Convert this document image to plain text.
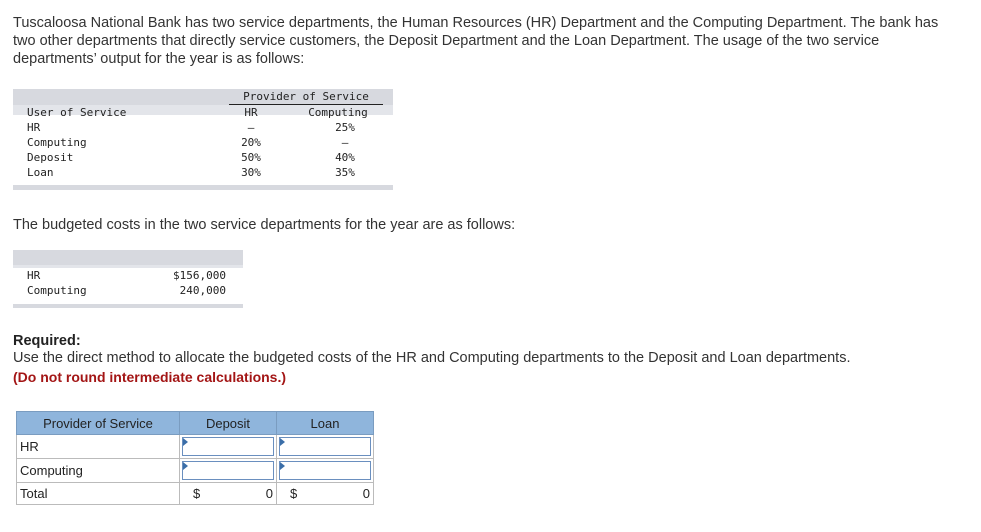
Tuscaloosa National Bank has two service departments, the Human Resources (HR) Department and the Computing Department. The bank has two other departments that directly service customers, the Deposit Department and the Loan Department. The usage of the two service departments’ output for the year is as follows:

Provider of Service
User of Service	HR	Computing
HR	–	25%
Computing	20%	–
Deposit	50%	40%
Loan	30%	35%

The budgeted costs in the two service departments for the year are as follows:

HR	$156,000
Computing	240,000

Required:

Use the direct method to allocate the budgeted costs of the HR and Computing departments to the Deposit and Loan departments.

(Do not round intermediate calculations.)

Provider of Service	Deposit	Loan
HR	

Computing	

Total	$ 0	$ 0
